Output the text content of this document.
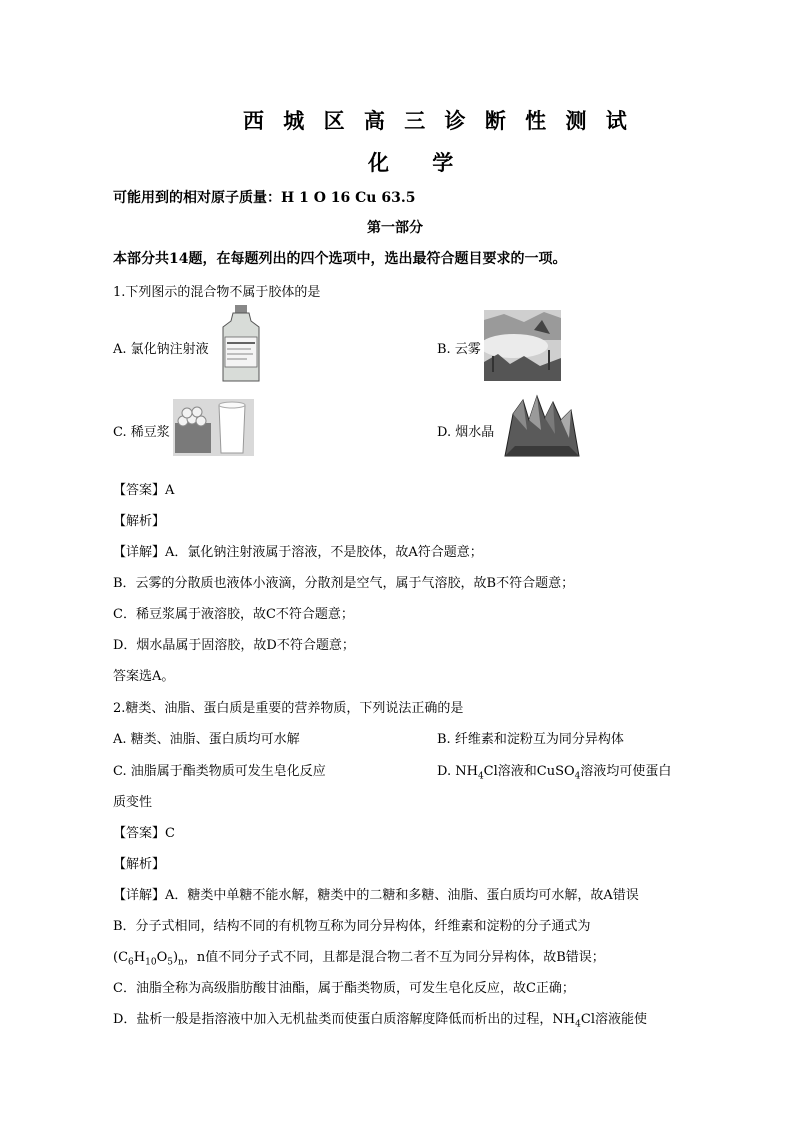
西 城 区 高 三 诊 断 性 测 试
化 学
可能用到的相对原子质量：H 1 O 16 Cu 63.5
第一部分
本部分共14题，在每题列出的四个选项中，选出最符合题目要求的一项。
1.下列图示的混合物不属于胶体的是
A. 氯化钠注射液	B. 云雾
C. 稀豆浆	D. 烟水晶
【答案】A
【解析】
【详解】A．氯化钠注射液属于溶液，不是胶体，故A符合题意；
B．云雾的分散质也液体小液滴，分散剂是空气，属于气溶胶，故B不符合题意；
C．稀豆浆属于液溶胶，故C不符合题意；
D．烟水晶属于固溶胶，故D不符合题意；
答案选A。
2.糖类、油脂、蛋白质是重要的营养物质，下列说法正确的是
A. 糖类、油脂、蛋白质均可水解	B. 纤维素和淀粉互为同分异构体
C. 油脂属于酯类物质可发生皂化反应	D. $NH_4Cl$溶液和CuSO$_4$溶液均可使蛋白
质变性
【答案】C
【解析】
【详解】A．糖类中单糖不能水解，糖类中的二糖和多糖、油脂、蛋白质均可水解，故A错误
B．分子式相同，结构不同的有机物互称为同分异构体，纤维素和淀粉的分子通式为
$(C_6H_{10}O_5)_n$，n值不同分子式不同，且都是混合物二者不互为同分异构体，故B错误；
C．油脂全称为高级脂肪酸甘油酯，属于酯类物质，可发生皂化反应，故C正确；
D．盐析一般是指溶液中加入无机盐类而使蛋白质溶解度降低而析出的过程，$NH_4Cl$溶液能使
